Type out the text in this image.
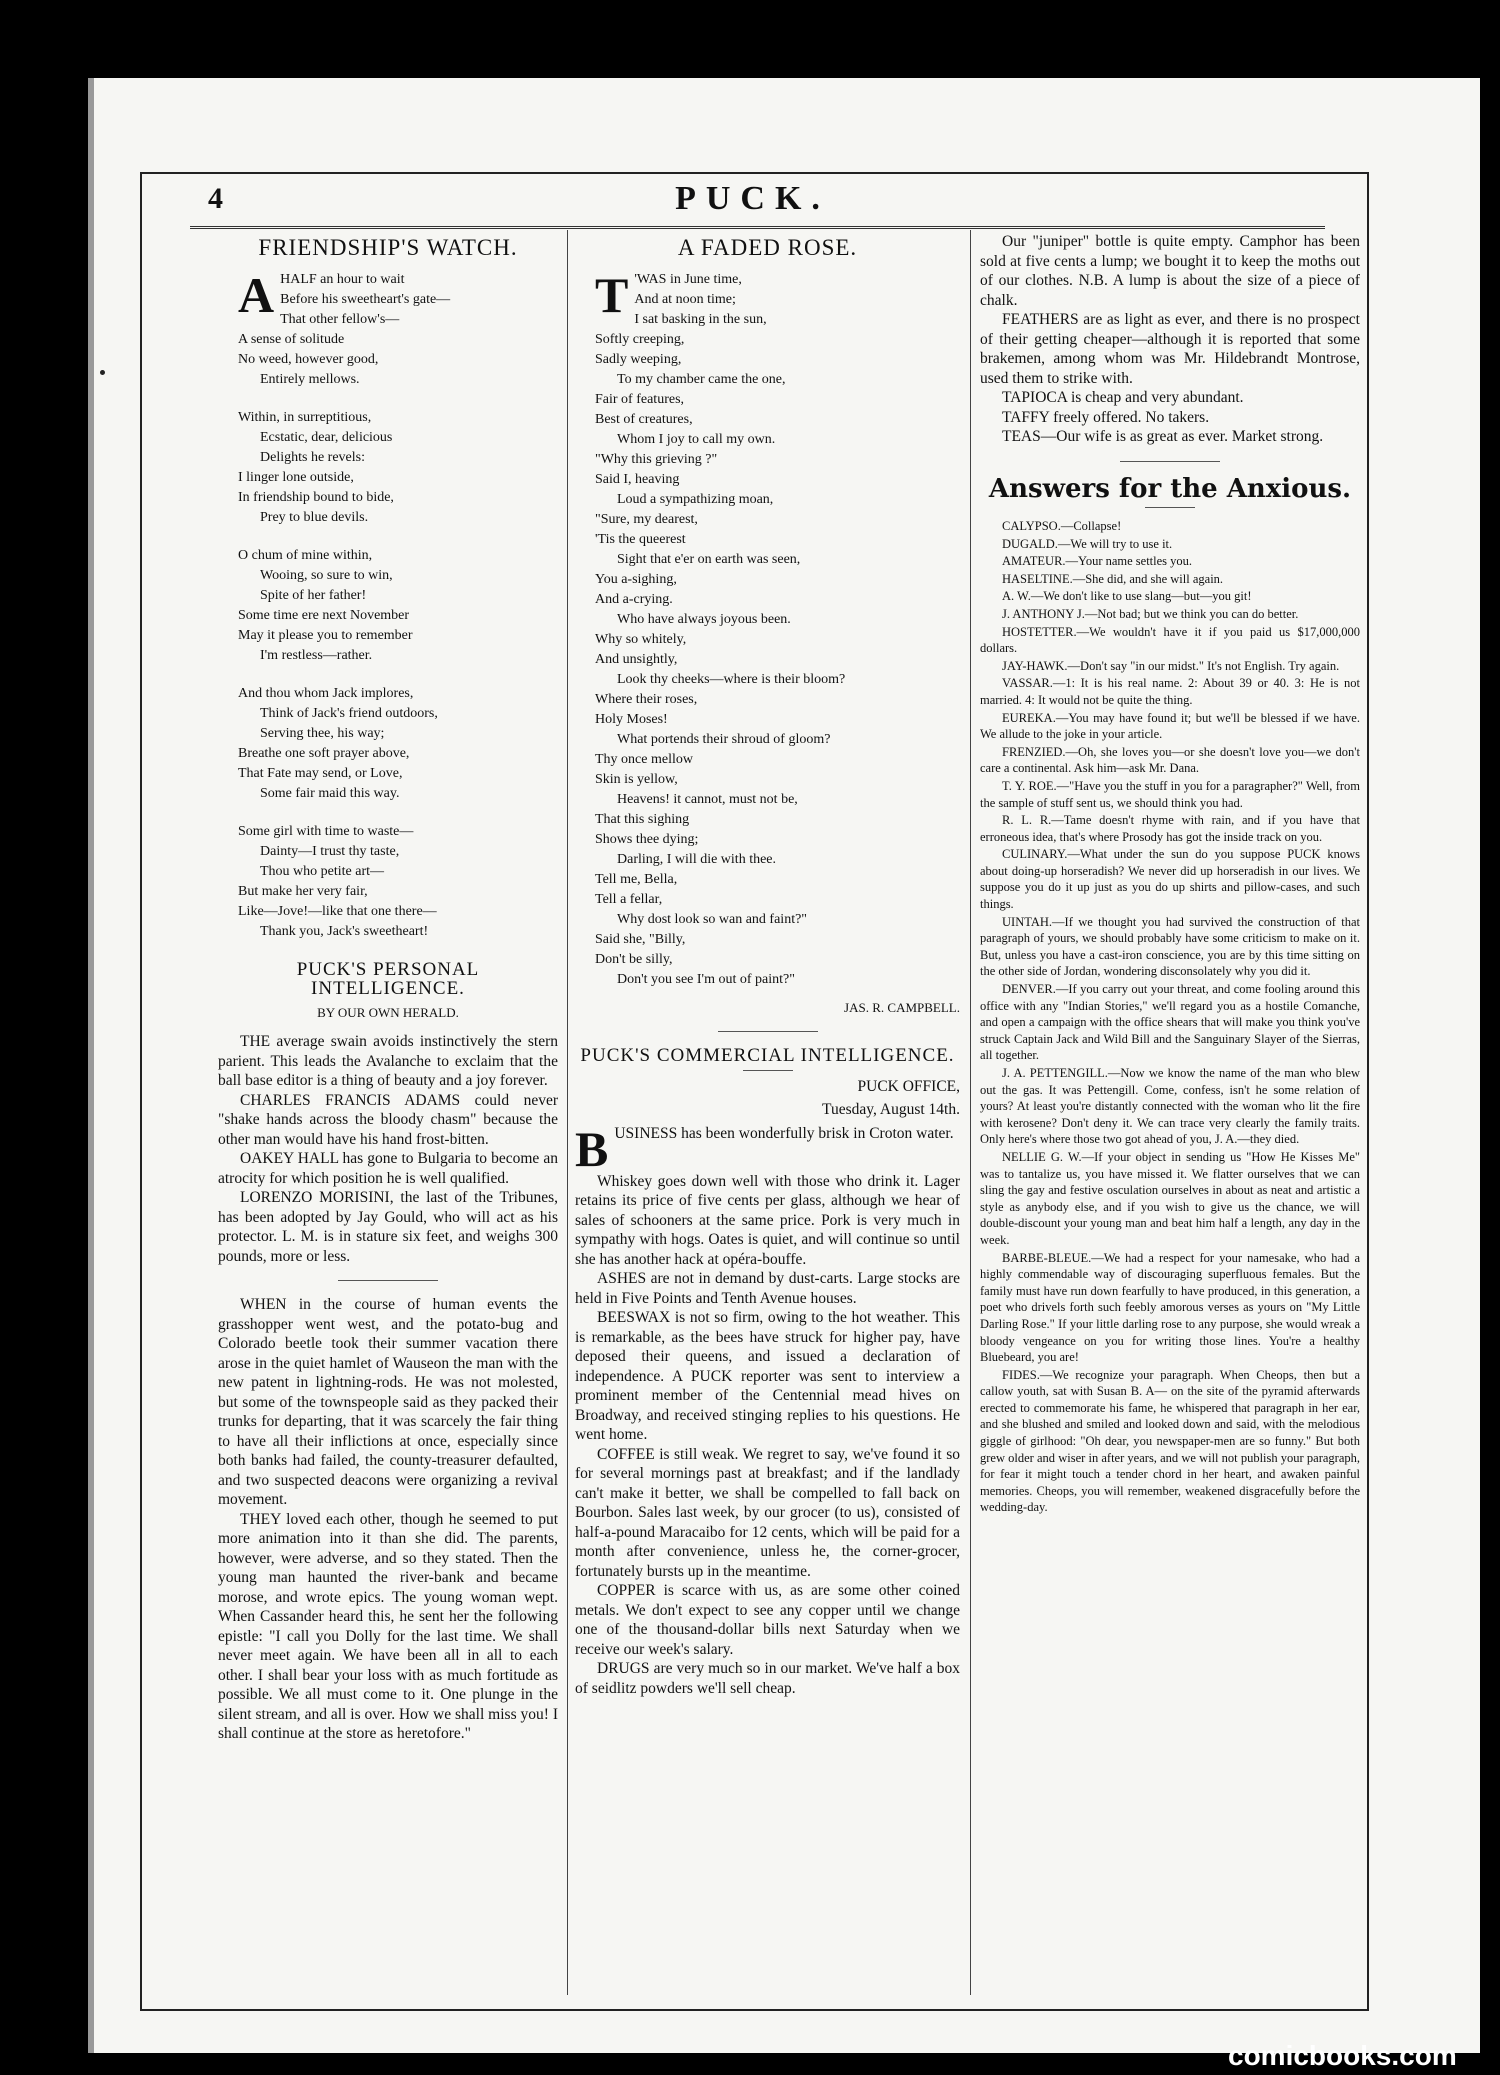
4	PUCK.
FRIENDSHIP'S WATCH.
A HALF an hour to wait
Before his sweetheart's gate—
That other fellow's—
A sense of solitude
No weed, however good,
Entirely mellows.
Within, in surreptitious,
Ecstatic, dear, delicious
Delights he revels:
I linger lone outside,
In friendship bound to bide,
Prey to blue devils.
O chum of mine within,
Wooing, so sure to win,
Spite of her father!
Some time ere next November
May it please you to remember
I'm restless—rather.
And thou whom Jack implores,
Think of Jack's friend outdoors,
Serving thee, his way;
Breathe one soft prayer above,
That Fate may send, or Love,
Some fair maid this way.
Some girl with time to waste—
Dainty—I trust thy taste,
Thou who petite art—
But make her very fair,
Like—Jove!—like that one there—
Thank you, Jack's sweetheart!
PUCK'S PERSONAL INTELLIGENCE.
BY OUR OWN HERALD.

THE average swain avoids instinctively the stern parient. This leads the Avalanche to exclaim that the ball base editor is a thing of beauty and a joy forever.

CHARLES FRANCIS ADAMS could never "shake hands across the bloody chasm" because the other man would have his hand frost-bitten.

OAKEY HALL has gone to Bulgaria to become an atrocity for which position he is well qualified.

LORENZO MORISINI, the last of the Tribunes, has been adopted by Jay Gould, who will act as his protector. L. M. is in stature six feet, and weighs 300 pounds, more or less.

WHEN in the course of human events the grasshopper went west, and the potato-bug and Colorado beetle took their summer vacation there arose in the quiet hamlet of Wauseon the man with the new patent in lightning-rods. He was not molested, but some of the townspeople said as they packed their trunks for departing, that it was scarcely the fair thing to have all their inflictions at once, especially since both banks had failed, the county-treasurer defaulted, and two suspected deacons were organizing a revival movement.

THEY loved each other, though he seemed to put more animation into it than she did. The parents, however, were adverse, and so they stated. Then the young man haunted the river-bank and became morose, and wrote epics. The young woman wept. When Cassander heard this, he sent her the following epistle: "I call you Dolly for the last time. We shall never meet again. We have been all in all to each other. I shall bear your loss with as much fortitude as possible. We all must come to it. One plunge in the silent stream, and all is over. How we shall miss you! I shall continue at the store as heretofore."

A FADED ROSE.
T 'WAS in June time,
And at noon time;
I sat basking in the sun,
Softly creeping,
Sadly weeping,
To my chamber came the one,
Fair of features,
Best of creatures,
Whom I joy to call my own.
"Why this grieving ?"
Said I, heaving
Loud a sympathizing moan,
"Sure, my dearest,
'Tis the queerest
Sight that e'er on earth was seen,
You a-sighing,
And a-crying.
Who have always joyous been.
Why so whitely,
And unsightly,
Look thy cheeks—where is their bloom?
Where their roses,
Holy Moses!
What portends their shroud of gloom?
Thy once mellow
Skin is yellow,
Heavens! it cannot, must not be,
That this sighing
Shows thee dying;
Darling, I will die with thee.
Tell me, Bella,
Tell a fellar,
Why dost look so wan and faint?"
Said she, "Billy,
Don't be silly,
Don't you see I'm out of paint?"
JAS. R. CAMPBELL.
PUCK'S COMMERCIAL INTELLIGENCE.
PUCK OFFICE,
Tuesday, August 14th.
B USINESS has been wonderfully brisk in Croton water.

Whiskey goes down well with those who drink it. Lager retains its price of five cents per glass, although we hear of sales of schooners at the same price. Pork is very much in sympathy with hogs. Oates is quiet, and will continue so until she has another hack at opéra-bouffe.

ASHES are not in demand by dust-carts. Large stocks are held in Five Points and Tenth Avenue houses.

BEESWAX is not so firm, owing to the hot weather. This is remarkable, as the bees have struck for higher pay, have deposed their queens, and issued a declaration of independence. A PUCK reporter was sent to interview a prominent member of the Centennial mead hives on Broadway, and received stinging replies to his questions. He went home.

COFFEE is still weak. We regret to say, we've found it so for several mornings past at breakfast; and if the landlady can't make it better, we shall be compelled to fall back on Bourbon. Sales last week, by our grocer (to us), consisted of half-a-pound Maracaibo for 12 cents, which will be paid for a month after convenience, unless he, the corner-grocer, fortunately bursts up in the meantime.

COPPER is scarce with us, as are some other coined metals. We don't expect to see any copper until we change one of the thousand-dollar bills next Saturday when we receive our week's salary.

DRUGS are very much so in our market. We've half a box of seidlitz powders we'll sell cheap.

Our "juniper" bottle is quite empty. Camphor has been sold at five cents a lump; we bought it to keep the moths out of our clothes. N.B. A lump is about the size of a piece of chalk.

FEATHERS are as light as ever, and there is no prospect of their getting cheaper—although it is reported that some brakemen, among whom was Mr. Hildebrandt Montrose, used them to strike with.

TAPIOCA is cheap and very abundant.

TAFFY freely offered. No takers.

TEAS—Our wife is as great as ever. Market strong.

Answers for the Anxious.

CALYPSO.—Collapse!

DUGALD.—We will try to use it.

AMATEUR.—Your name settles you.

HASELTINE.—She did, and she will again.

A. W.—We don't like to use slang—but—you git!

J. ANTHONY J.—Not bad; but we think you can do better.

HOSTETTER.—We wouldn't have it if you paid us $17,000,000 dollars.

JAY-HAWK.—Don't say "in our midst." It's not English. Try again.

VASSAR.—1: It is his real name. 2: About 39 or 40. 3: He is not married. 4: It would not be quite the thing.

EUREKA.—You may have found it; but we'll be blessed if we have. We allude to the joke in your article.

FRENZIED.—Oh, she loves you—or she doesn't love you—we don't care a continental. Ask him—ask Mr. Dana.

T. Y. ROE.—"Have you the stuff in you for a paragrapher?" Well, from the sample of stuff sent us, we should think you had.

R. L. R.—Tame doesn't rhyme with rain, and if you have that erroneous idea, that's where Prosody has got the inside track on you.

CULINARY.—What under the sun do you suppose PUCK knows about doing-up horseradish? We never did up horseradish in our lives. We suppose you do it up just as you do up shirts and pillow-cases, and such things.

UINTAH.—If we thought you had survived the construction of that paragraph of yours, we should probably have some criticism to make on it. But, unless you have a cast-iron conscience, you are by this time sitting on the other side of Jordan, wondering disconsolately why you did it.

DENVER.—If you carry out your threat, and come fooling around this office with any "Indian Stories," we'll regard you as a hostile Comanche, and open a campaign with the office shears that will make you think you've struck Captain Jack and Wild Bill and the Sanguinary Slayer of the Sierras, all together.

J. A. PETTENGILL.—Now we know the name of the man who blew out the gas. It was Pettengill. Come, confess, isn't he some relation of yours? At least you're distantly connected with the woman who lit the fire with kerosene? Don't deny it. We can trace very clearly the family traits. Only here's where those two got ahead of you, J. A.—they died.

NELLIE G. W.—If your object in sending us "How He Kisses Me" was to tantalize us, you have missed it. We flatter ourselves that we can sling the gay and festive osculation ourselves in about as neat and artistic a style as anybody else, and if you wish to give us the chance, we will double-discount your young man and beat him half a length, any day in the week.

BARBE-BLEUE.—We had a respect for your namesake, who had a highly commendable way of discouraging superfluous females. But the family must have run down fearfully to have produced, in this generation, a poet who drivels forth such feebly amorous verses as yours on "My Little Darling Rose." If your little darling rose to any purpose, she would wreak a bloody vengeance on you for writing those lines. You're a healthy Bluebeard, you are!

FIDES.—We recognize your paragraph. When Cheops, then but a callow youth, sat with Susan B. A— on the site of the pyramid afterwards erected to commemorate his fame, he whispered that paragraph in her ear, and she blushed and smiled and looked down and said, with the melodious giggle of girlhood: "Oh dear, you newspaper-men are so funny." But both grew older and wiser in after years, and we will not publish your paragraph, for fear it might touch a tender chord in her heart, and awaken painful memories. Cheops, you will remember, weakened disgracefully before the wedding-day.

comicbooks.com
